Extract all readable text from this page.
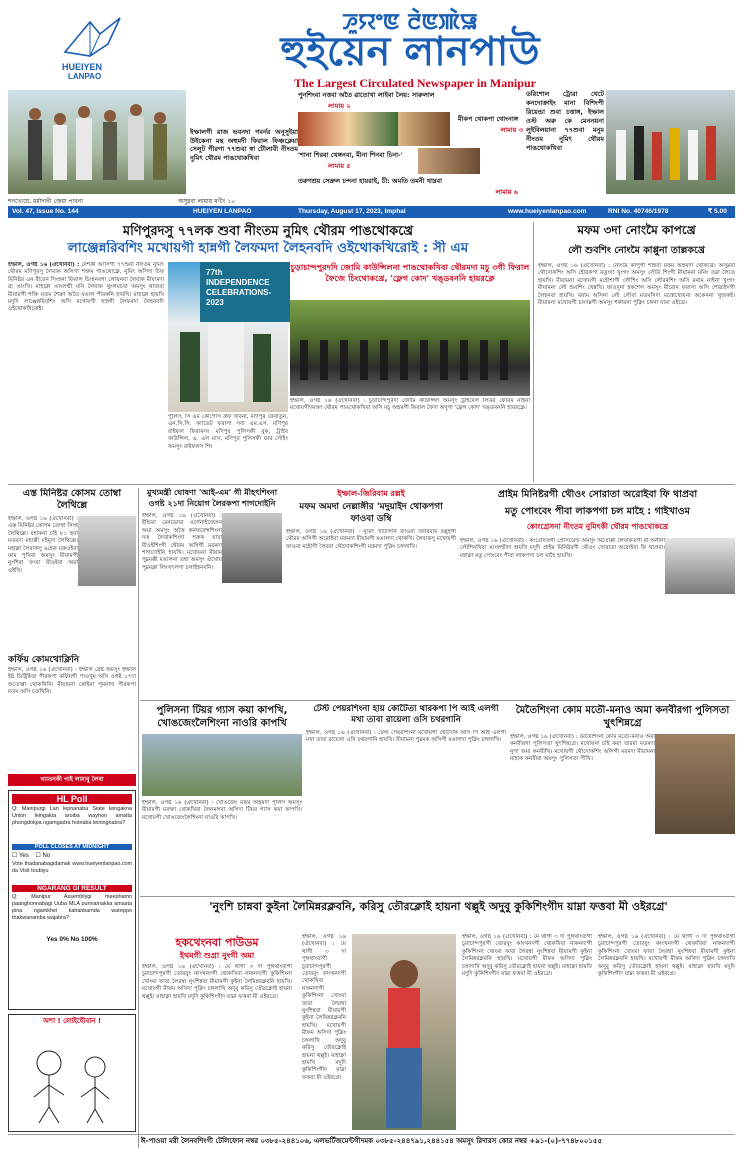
HUEIYEN
LANPAO
ꯍꯨꯌꯦꯟ ꯂꯥꯟꯄꯥꯎ
হুইয়েন লানপাউ
The Largest Circulated Newspaper in Manipur
ইম্ফালগী রাজ ভবনদা গবর্নর অনুসুইয়া উইকেনা মন্থ অহুমদী ফিরাল ফিঞ্চক্লেয়া সেলুট পীরগা ৭৭শুবা স্বা টৌলাবী নীংতম নুমিৎ থৌরম পাঙথোকখিবা
পুনশিংবা নত্তবা অতৈ ৱাতোখা লাইবা লৈয়: সারুলাল
লামায় ২
মীকপ থোকপা থোংনাঙ্গ
লামায় ৩
'শানা শিরবা থেঙ্গনবা, মীনা শিনবা চিনা-'
লামায় ৫
তরুণশ্রয় সেদ্রুল চন্দনা হায়রাই, চী: অমতি তমনী থাম্নবা
লামায় ৬
ডরিশোল ট্রোরা থেটে কনদোক্রাইং মানা বিশিংপী রিয়েন্ডা শুবা চত্তাঙ্গ, ইম্ফাল ওস্ট অরু কে মেননয়না লুইবিলয়ানা ৭৭শুবা মনুম নীংতম নুমিৎ থৌরম পাঙথোকখিবা
শনখ্যেয়ে, ধৰ্মাদানী জেয়া পাবনা	অসুম্নবা লামায় মণীং ১০
Vol. 47, Issue No. 144	HUEIYEN LANPAO	Thursday, August 17, 2023, Imphal	www.hueiyenlanpao.com	RNI No. 40746/1978	₹ 5.00
মণিপুরদসু ৭৭লক শুবা নীংতম নুমিৎ থৌরম পাঙথোকখ্রে
লাঞ্জেন্নরিবশিং মখোয়গী হান্নগী লৈফমদা লৈহনবদি ওইথোকখিরোই : সী এম
ইম্ফাল, ওগষ্ট ১৬ (ঐখোনবা) : দেশকী আসিগী ৭৭শুবা নীংতম নুমিৎ থৌরম মণিপুরসু লৈবাক অসিগা শক্তম পাঙথোক্লে, নুমিৎ অসিদা চিফ মিনিষ্টর এন বীরেন সিংহনা ফিরাল চিংহনবগা লোয়নয়া লৈবাক মীয়ামদা ৱা ঙাংখি। মাহাক্না ঙাংলম্মী মনি লৈবাক থুংলমচবা অমসুং থাজবা মীয়ামগী শক্তি মতম শৈক্রা অতৈ মঙাল পীরকনি হায়খি। মাহাক্না হায়খি মদুদি লাঞ্জেন্নরিবশিং অসি মখোয়গী হান্নগী লৈফমদা লৈহনবদি ওইথোকখিরোই।
77th INDEPENDENCE CELEBRATIONS-2023
চুড়াচান্দপুরদদি জোমি কাউন্সিলনা পাঙথোকখিবা থৌরমদা মচু ৩গী ফিরাল ফৈজে চিংথোকখ্রে, 'ফ্লেগ কোদ' খঙ্ডবননি হায়রক্লে
ইম্ফাল, ওগষ্ট ১৬ (ঐখোনবা) : চুড়াচান্দপুরদা জোমি কাউন্সিল অমসুং ট্রাইবেল লিডর ফোরম নাইনা মখোয়গীদমক্তা থৌরম পাঙথোকখিবা অসি মচু অহুমগী ফিরাল ফৈদা অদুগা 'ফ্লেগ কোদ' খঙ্ডবননি হায়রক্লে।
পুলিস, সি এম কোপোস রুফ খাবনা, মণিপুর ফেবাতুন, এন.সি.সি. ক্যাডেট ফরাসা সবা এম.এস. মণিপুর রাইফল ফিরামসং মণিপুর পুলিসকী বুক, ট্রাইব কাউন্সিল, এ. এল মাস, মণিপুর পুলিসকী ফার সৌইং অমসুং রাইফলস শিং
মফম ৩দা নোংমৈ কাপখ্রে
লৌ শুবশিং নোংমৈ কাপ্পুনা তাল্লকখ্রে
ইম্ফাল, ওগষ্ট ১৬ (ঐখোনবা) : নোংমৈ কাপুগী শান্নবা মফম অহুমদা থোকখ্রে। অসুম্নবা থৌদোকশিং অসি হৌরকপা মতুংদা খুংগং অমসুং লৌউ শিংগী মীয়ামনা মনিং তম্না লৈতে হায়খি। মীয়ামনা মখোয়গী মহৌশাগী লৌশিং অসি লৌরবশিং অসি মনাম নাইনা খুংগং মীয়ামনা লৌ শুবশিং খেন্নখি। ফাওদুনা হকশেল অমসুং মীরোন ফরাসা অসি শোৱাইদগী লৈহনবা হায়খি। মরাম অসিনা লৌ লৌবা মতমসিদা মচান্নখোয়না অকেননা খুজকই। মীয়ামনা মখোয়গী চাংদম্নগী অমসুং শর্কারনা পুক্নিং চঙ্গনা যাবা ওইখ্রে।
এস্ত মিনিষ্টর কোসম তোম্বা লৈথিল্লে
ইম্ফাল, ওগষ্ট ১৬ (ঐখোনবা) : এস্ত মিনিষ্টর কোসম তোম্বা সিংহ লৈথিল্লে। মহাকনা চহি ৮১ হুবা মতমদা মহাক্কী মইমুদা লৈথিল্লে। মহাক্না লৈবাকসু ৬হেরু মরুওইবা কাম পুখিবা অমসুং মীয়ামগী নুংশিবা ফংবা মীওইবা অমা ওইখি।
কর্ফিয় কোমথোক্লিনি
ইম্ফাল, ওগষ্ট ১৬ (ঐখোনবা) : ইম্ফাল ৱেষ্ট অমসুং ইম্ফাল ইষ্ট ডিষ্ট্রিক্টতা পীরকপা কর্ফিয়গী পাওখুম অসি ওগষ্ট ১৭দা অতোপ্পা থোকখিনি। মীয়ামনা কোইনা পূমনাদা পীরকপা মতম অসি চতখিনি।
মুখ্যমন্ত্রী ঘোষণা 'আই-এম' গী মীহৎশিংনা ওগষ্ট ২১দা নিয়োগ লৈরকপা শাগদোইনি
ইম্ফাল, ওগষ্ট ১৬ (ঐখোনবা) : ইন্ডিয়া মেনডোয়া ওর্গেনাইজেসন অমা অমসুং অত্তৈ কনফরেন্সশিংনা নত্ত লৈবাকশিংদা শরুক য়াবা মীওইশিংগী থৌরম অসিগী মরমদা শাগদোইনি হায়খি। মখোয়না মীয়াম পুম্নমক্কী মঙালনা তম্বা অমসুং ঐখোয় পুম্নমক্না লিংখৎলগা চলাইহনবনি।
ইম্ফাল-জিরিবাম রল্লই
মফম অমদা নেল্লাঙ্গীর 'মদুয়াইদ থোকপগা ফাওবা ডম্বি
ইম্ফাল, ওগষ্ট ১৬ (ঐখোনবা) : নুমিৎ খাটলিনি ফাওবা জিরিবাম রল্লুইগী থৌরম অসিগী অরোইবা মফমদা মীয়ামগী মঙালদা থোকখি। লৈবাকসু মখোয়গী ফাওবা মহৌগী লৈরবা থৌদোকশিংগী মরমদা পুক্নিং চঙ্গলাখি।
প্রাইম মিনিষ্টরগী থৌওং সোরাতা অরোইবা ফি থাপ্রবা
মতু পোংবেং পীবা লাকপগা চল মাহৈ : গাইখাওম
কোংগ্রেসনা নীংতম নুমিৎকী থৌরম পাঙথোকখ্রে
ইম্ফাল, ওগষ্ট ১৬ (ঐখোনবা) : কংগ্রেসতগী প্রেসিডেন্ট অমসুং অতোপ্পা লৈবাকতগী মী অনীনা লৌশিনখিবা ঙাংলম্মীদা হায়খি মদুদি প্রাইম মিনিষ্টরগী থৌওং সোরাতা অরোইবা ফি থাপ্রবা। মহাক্না মতু পোংবেং পীবা লাকপগা চল মাহৈ হায়খি।
পুলিসনা টিয়র গ্যাস কয়া কাপখি, খোঙজেংলৈশিংনা নাওরি কাপখি
ইম্ফাল, ওগষ্ট ১৬ (ঐখোনবা) : খোঙজেং মফম অহুমদা পুলিস অমসুং মীয়ামগী মরক্তা থোকখিবা লৈনমলবা অসিদা টিয়র গ্যাস কয়া কাপখি। মখোয়গী খোঙজেংলৈশিংনা নাওরি কাপখি।
টেস্ট পেয়রশিংনা হায় কোটৈতা থারকপা পি আই এলগী মখা তাবা রায়েলা ওসি চথরগানি
ইম্ফাল, ওগষ্ট ১৬ (ঐখোনবা) : টেস্ট পেয়রশিংনা মখোয়গী থৌদোক অসি পি আই এলগী মখা তাবা রায়েলা ওসি চথরগানি হায়খি। মীয়ামনা পুম্নমক অসিগী মঙালদা পুক্নিং চঙ্গলাখি।
মৈতৈশিংনা কোম মতৌ-মনাও অমা কনবীরগা পুলিসতা খুৎশিন্নগ্রে
ইম্ফাল, ওগষ্ট ১৬ (ঐখোনবা) : মৈতৈশিংনা কোম মতৌ-মনাও অমা কনবীরগা পুলিসতা খুৎশিন্নগ্রে। মখোয়না চহি কয়া তারবা মতমদা নুপা অমা কনবীখি। মখোয়গী থৌদোকশিং অসিগী মরমদা মীয়ামনা মাহাক কনবীবা অমসুং পুলিসতা পীখি।
খ্যাতনকী পাই লামাবু লৈবা
HL Poll
Q: Manipurgi Lan lepnanaba Siate leingakna Union leingakta aroiba wayhon amatta phongdokpa ngamgadra hotnaba leiningnabra?
POLL CLOSES AT MIDNIGHT
☐ Yes ☐ No
Vote thadanabagidamak www.hueiyenlanpao.com da Visit toubiyu
NGARANG GI RESULT
Q: Manipur Assemblygi meephamn paanghonnabagi Uuba MLA punnamakka amasta pina ngamkhei kahanbamda wareppo thakwanamba wajabra?
Yes 0% No 100%
অশা ! লোইহৌবান !
'নুংশি চান্নবা কুইনা লৈমিন্নরক্লবনি, করিসু তৌরক্লোই হায়না থল্লুই অদুবু কুকিশিংগীদ য়াম্না ফত্তবা মী ওইরগ্রে'
হকথেংনবা পাউডম
ইথমগী শুগ্রা নুংগী অমা
ইম্ফাল, ওগষ্ট ১৬ (ঐখোনবা) : মে থাগী ৩ দা পুঙ্গথাংবাগী চুরাচান্দপুরগী তোরবুং কাংখনদগী থোকখিবা নাকনদাগী কুকিশিংনা খোংমা ফাবা লৈরম্বা নুংশিন্নবা মীয়ামগী কুইনা লৈমিন্নরক্লবনি হায়খি। মখোয়গী মীফম অসিদা পুক্নিং চঙ্গলাখি অদুবু করিসু তৌরক্লোই হায়না থল্লুই। মাহাক্না হায়খি মদুদি কুকিশিংগীদ য়াম্না ফত্তবা মী ওইরগ্রে।
ইম্ফাল, ওগষ্ট ১৬ (ঐখোনবা) : মে থাগী ৩ দা পুঙ্গথাংবাগী চুরাচান্দপুরগী তোরবুং কাংখনদগী থোকখিবা নাকনদাগী কুকিশিংনা খোংমা ফাবা লৈরম্বা নুংশিন্নবা মীয়ামগী কুইনা লৈমিন্নরক্লবনি হায়খি। মখোয়গী মীফম অসিদা পুক্নিং চঙ্গলাখি অদুবু করিসু তৌরক্লোই হায়না থল্লুই। মাহাক্না হায়খি মদুদি কুকিশিংগীদ য়াম্না ফত্তবা মী ওইরগ্রে।
ইম্ফাল, ওগষ্ট ১৬ (ঐখোনবা) : মে থাগী ৩ দা পুঙ্গথাংবাগী চুরাচান্দপুরগী তোরবুং কাংখনদগী থোকখিবা নাকনদাগী কুকিশিংনা খোংমা ফাবা লৈরম্বা নুংশিন্নবা মীয়ামগী কুইনা লৈমিন্নরক্লবনি হায়খি। মখোয়গী মীফম অসিদা পুক্নিং চঙ্গলাখি অদুবু করিসু তৌরক্লোই হায়না থল্লুই। মাহাক্না হায়খি মদুদি কুকিশিংগীদ য়াম্না ফত্তবা মী ওইরগ্রে।
ইম্ফাল, ওগষ্ট ১৬ (ঐখোনবা) : মে থাগী ৩ দা পুঙ্গথাংবাগী চুরাচান্দপুরগী তোরবুং কাংখনদগী থোকখিবা নাকনদাগী কুকিশিংনা খোংমা ফাবা লৈরম্বা নুংশিন্নবা মীয়ামগী কুইনা লৈমিন্নরক্লবনি হায়খি। মখোয়গী মীফম অসিদা পুক্নিং চঙ্গলাখি অদুবু করিসু তৌরক্লোই হায়না থল্লুই। মাহাক্না হায়খি মদুদি কুকিশিংগীদ য়াম্না ফত্তবা মী ওইরগ্রে।
ঈ-পাওয়া মরী লৈনবশিংগী টেলিফোন নম্বর ০৩৮৫-২৪৪১০৬, এলভর্টিজমেন্টগীদমক ০৩৮৫-২৪৪৭৯১,২৪৪১৫৪ অমসুং রিদারস কোর নম্বর +৯১-(০)-৭৭৪৮০০১৫৫
